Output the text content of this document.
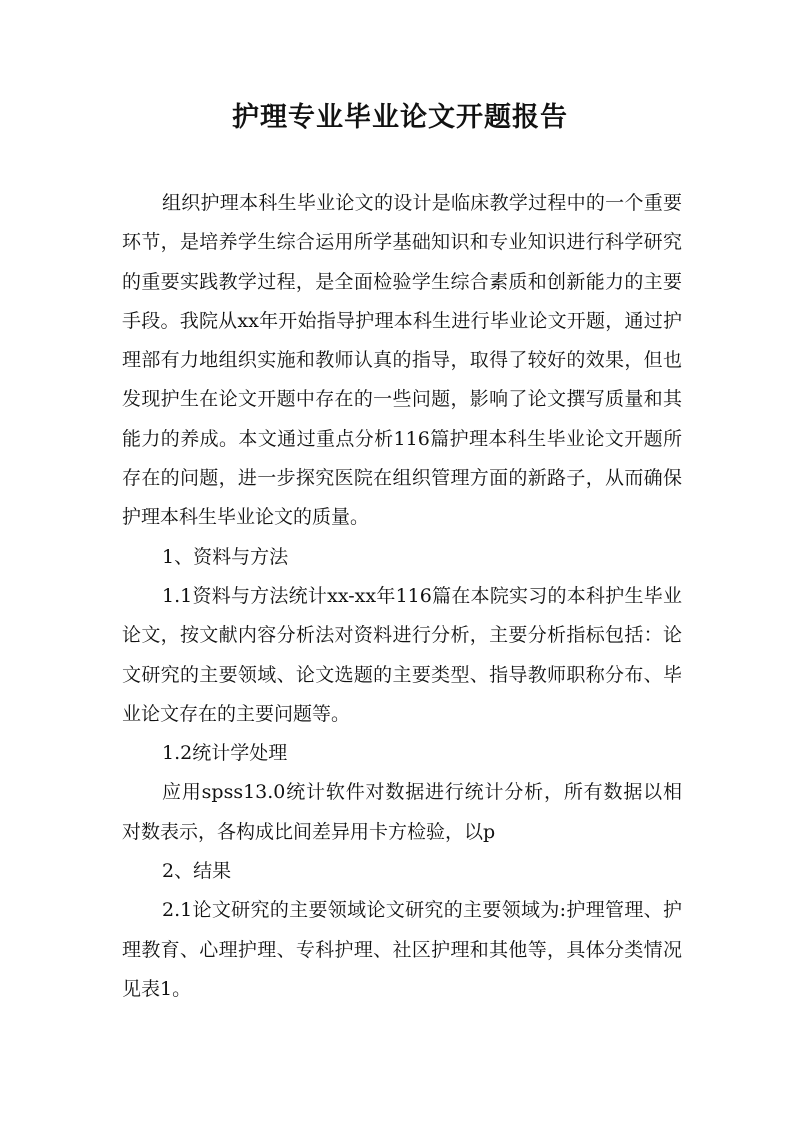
护理专业毕业论文开题报告

组织护理本科生毕业论文的设计是临床教学过程中的一个重要环节，是培养学生综合运用所学基础知识和专业知识进行科学研究的重要实践教学过程，是全面检验学生综合素质和创新能力的主要手段。我院从xx年开始指导护理本科生进行毕业论文开题，通过护理部有力地组织实施和教师认真的指导，取得了较好的效果，但也发现护生在论文开题中存在的一些问题，影响了论文撰写质量和其能力的养成。本文通过重点分析116篇护理本科生毕业论文开题所存在的问题，进一步探究医院在组织管理方面的新路子，从而确保护理本科生毕业论文的质量。

1、资料与方法

1.1资料与方法统计xx-xx年116篇在本院实习的本科护生毕业论文，按文献内容分析法对资料进行分析，主要分析指标包括：论文研究的主要领域、论文选题的主要类型、指导教师职称分布、毕业论文存在的主要问题等。

1.2统计学处理

应用spss13.0统计软件对数据进行统计分析，所有数据以相对数表示，各构成比间差异用卡方检验，以p

2、结果

2.1论文研究的主要领域论文研究的主要领域为:护理管理、护理教育、心理护理、专科护理、社区护理和其他等，具体分类情况见表1。
